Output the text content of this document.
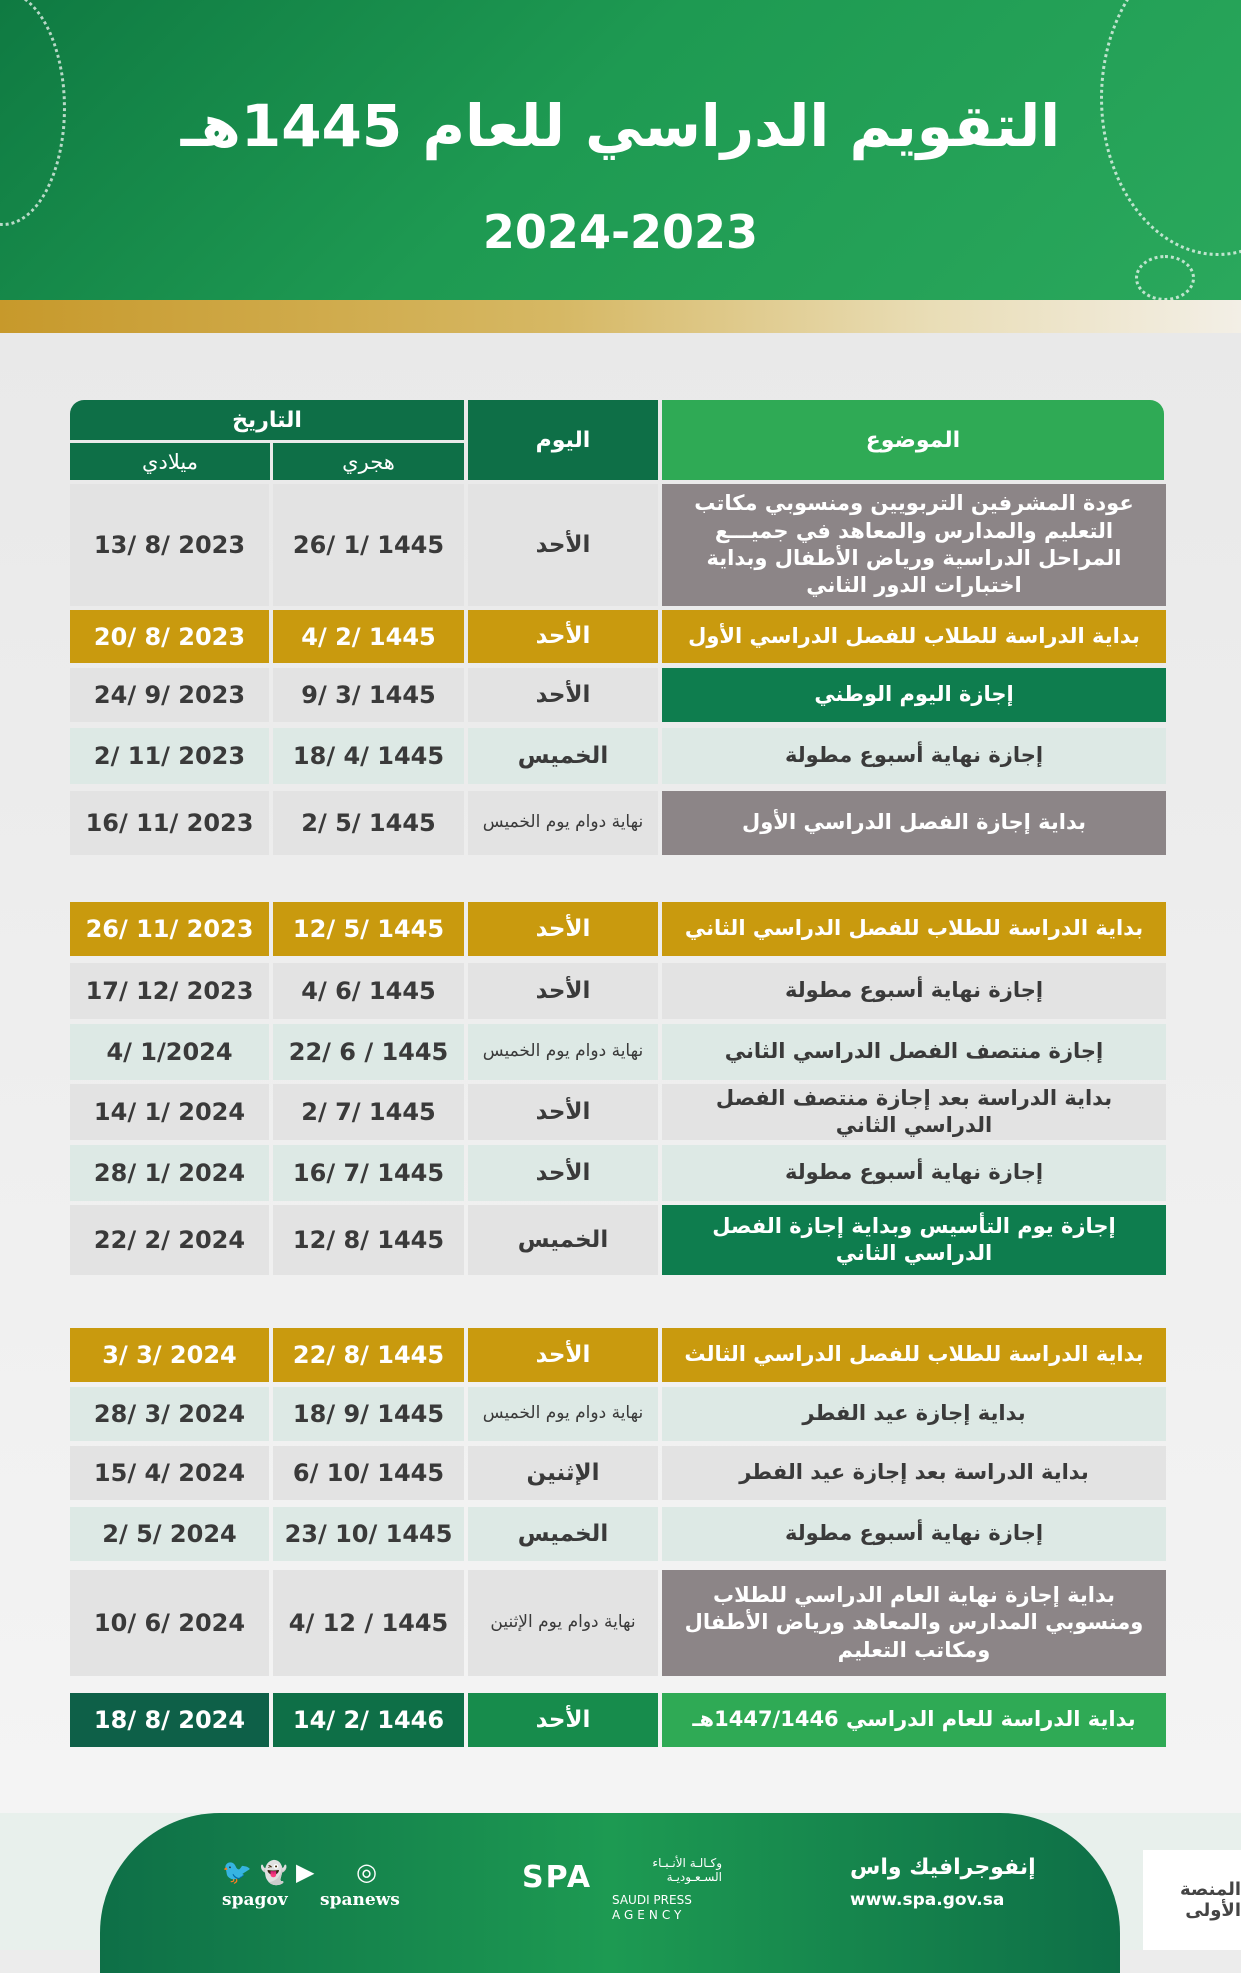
التقويم الدراسي للعام 1445هـ
2024-2023
الموضوع
اليوم
التاريخ
هجري
ميلادي
عودة المشرفين التربويين ومنسوبي مكاتب التعليم والمدارس والمعاهد في جميـــع المراحل الدراسية ورياض الأطفال وبداية اختبارات الدور الثاني
الأحد
26/ 1/ 1445
13/ 8/ 2023
بداية الدراسة للطلاب للفصل الدراسي الأول
الأحد
4/ 2/ 1445
20/ 8/ 2023
إجازة اليوم الوطني
الأحد
9/ 3/ 1445
24/ 9/ 2023
إجازة نهاية أسبوع مطولة
الخميس
18/ 4/ 1445
2/ 11/ 2023
بداية إجازة الفصل الدراسي الأول
نهاية دوام يوم الخميس
2/ 5/ 1445
16/ 11/ 2023
بداية الدراسة للطلاب للفصل الدراسي الثاني
الأحد
12/ 5/ 1445
26/ 11/ 2023
إجازة نهاية أسبوع مطولة
الأحد
4/ 6/ 1445
17/ 12/ 2023
إجازة منتصف الفصل الدراسي الثاني
نهاية دوام يوم الخميس
22/ 6 / 1445
4/ 1/2024
بداية الدراسة بعد إجازة منتصف الفصل الدراسي الثاني
الأحد
2/ 7/ 1445
14/ 1/ 2024
إجازة نهاية أسبوع مطولة
الأحد
16/ 7/ 1445
28/ 1/ 2024
إجازة يوم التأسيس وبداية إجازة الفصل الدراسي الثاني
الخميس
12/ 8/ 1445
22/ 2/ 2024
بداية الدراسة للطلاب للفصل الدراسي الثالث
الأحد
22/ 8/ 1445
3/ 3/ 2024
بداية إجازة عيد الفطر
نهاية دوام يوم الخميس
18/ 9/ 1445
28/ 3/ 2024
بداية الدراسة بعد إجازة عيد الفطر
الإثنين
6/ 10/ 1445
15/ 4/ 2024
إجازة نهاية أسبوع مطولة
الخميس
23/ 10/ 1445
2/ 5/ 2024
بداية إجازة نهاية العام الدراسي للطلاب ومنسوبي المدارس والمعاهد ورياض الأطفال ومكاتب التعليم
نهاية دوام يوم الإثنين
4/ 12 / 1445
10/ 6/ 2024
بداية الدراسة للعام الدراسي 1447/1446هـ
الأحد
14/ 2/ 1446
18/ 8/ 2024
إنفوجرافيك واس
www.spa.gov.sa
SPA	وكـالـة الأنـبـاء السـعـوديـة
SAUDI PRESS
AGENCY
🐦 👻 ▶
spagov
◎
spanews	المنصة الأولى
